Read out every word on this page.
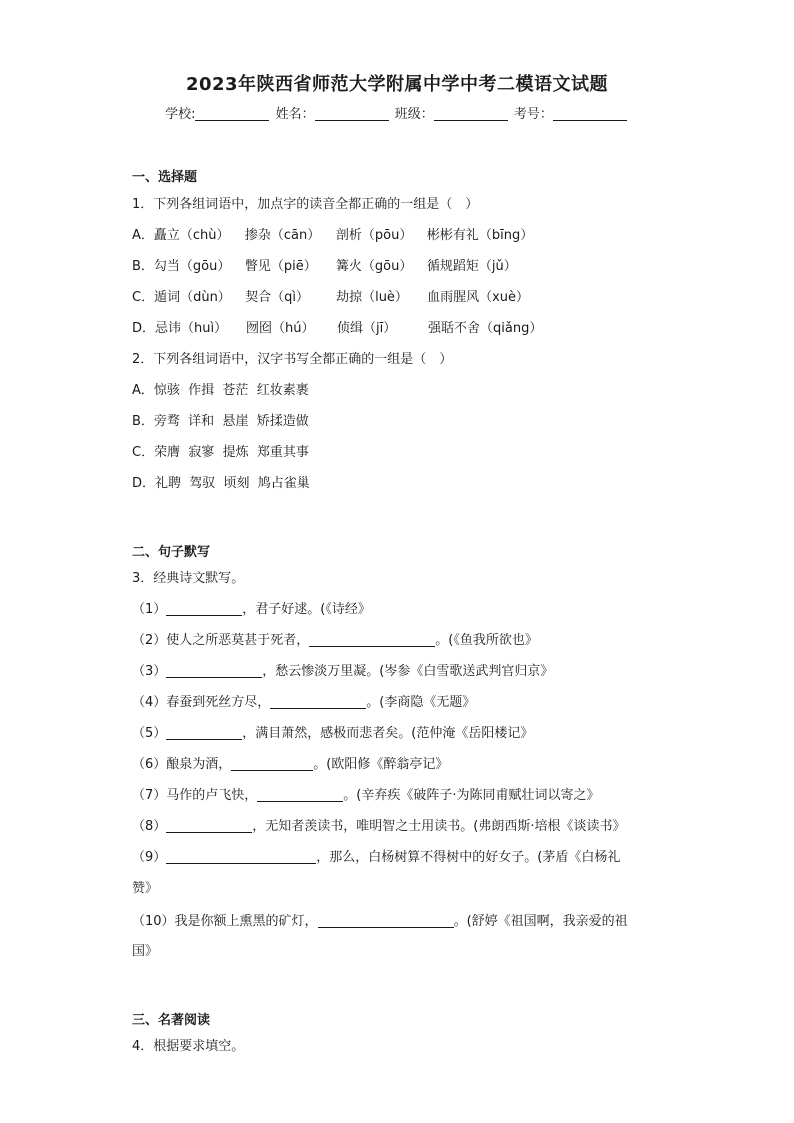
2023年陕西省师范大学附属中学中考二模语文试题
学校:	姓名：	班级：	考号：
一、选择题
1．下列各组词语中，加点字的读音全都正确的一组是（　）
A．矗立（chù） 掺杂（cān） 剖析（pōu） 彬彬有礼（bīng）
B．勾当（gōu） 瞥见（piē） 篝火（gōu） 循规蹈矩（jǔ）
C．遁词（dùn） 契合（qì） 劫掠（luè） 血雨腥风（xuè）
D．忌讳（huì） 囫囵（hú） 侦缉（jī） 强聒不舍（qiǎng）
2．下列各组词语中，汉字书写全都正确的一组是（　）
A．惊骇  作揖  苍茫  红妆素裹
B．旁骛  详和  悬崖  矫揉造做
C．荣膺  寂寥  提炼  郑重其事
D．礼聘  驾驭  顷刻  鸠占雀巢
二、句子默写
3．经典诗文默写。
（1）	，君子好逑。(《诗经》
（2）使人之所恶莫甚于死者，	。(《鱼我所欲也》
（3）	，愁云惨淡万里凝。(岑参《白雪歌送武判官归京》
（4）春蚕到死丝方尽，	。(李商隐《无题》
（5）	，满目萧然，感极而悲者矣。(范仲淹《岳阳楼记》
（6）酿泉为酒，	。(欧阳修《醉翁亭记》
（7）马作的卢飞快，	。(辛弃疾《破阵子·为陈同甫赋壮词以寄之》
（8）	，无知者羡读书，唯明智之士用读书。(弗朗西斯·培根《谈读书》
（9）	，那么，白杨树算不得树中的好女子。(茅盾《白杨礼
赞》
（10）我是你额上熏黑的矿灯，	。(舒婷《祖国啊，我亲爱的祖
国》
三、名著阅读
4．根据要求填空。
